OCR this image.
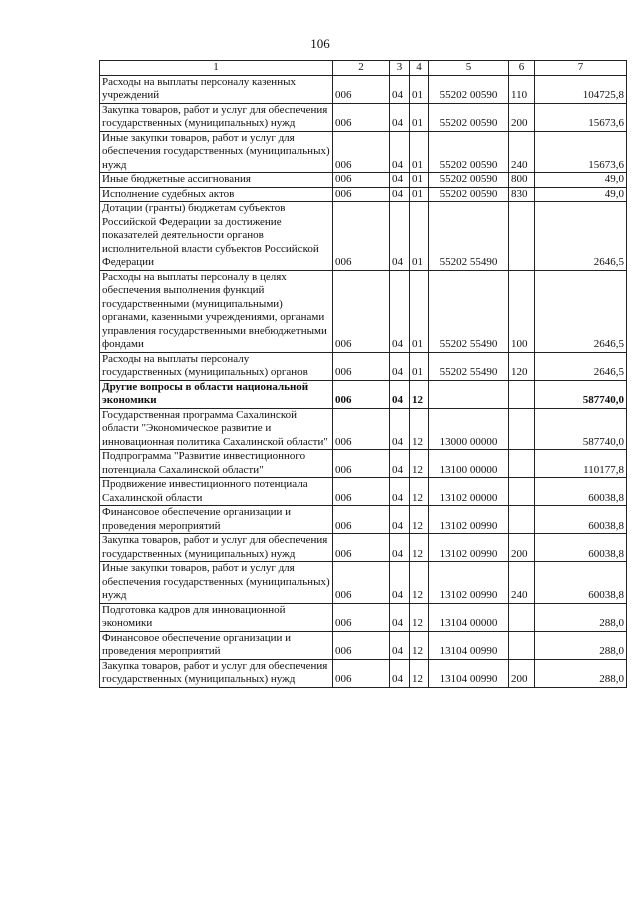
106
1	2	3	4	5	6	7
Расходы на выплаты персоналу казенных учреждений	006	04	01	55202 00590	110	104725,8
Закупка товаров, работ и услуг для обеспечения государственных (муниципальных) нужд	006	04	01	55202 00590	200	15673,6
Иные закупки товаров, работ и услуг для обеспечения государственных (муниципальных) нужд	006	04	01	55202 00590	240	15673,6
Иные бюджетные ассигнования	006	04	01	55202 00590	800	49,0
Исполнение судебных актов	006	04	01	55202 00590	830	49,0
Дотации (гранты) бюджетам субъектов Российской Федерации за достижение показателей деятельности органов исполнительной власти субъектов Российской Федерации	006	04	01	55202 55490		2646,5
Расходы на выплаты персоналу в целях обеспечения выполнения функций государственными (муниципальными) органами, казенными учреждениями, органами управления государственными внебюджетными фондами	006	04	01	55202 55490	100	2646,5
Расходы на выплаты персоналу государственных (муниципальных) органов	006	04	01	55202 55490	120	2646,5
Другие вопросы в области национальной экономики	006	04	12			587740,0
Государственная программа Сахалинской области "Экономическое развитие и инновационная политика Сахалинской области"	006	04	12	13000 00000		587740,0
Подпрограмма "Развитие инвестиционного потенциала Сахалинской области"	006	04	12	13100 00000		110177,8
Продвижение инвестиционного потенциала Сахалинской области	006	04	12	13102 00000		60038,8
Финансовое обеспечение организации и проведения мероприятий	006	04	12	13102 00990		60038,8
Закупка товаров, работ и услуг для обеспечения государственных (муниципальных) нужд	006	04	12	13102 00990	200	60038,8
Иные закупки товаров, работ и услуг для обеспечения государственных (муниципальных) нужд	006	04	12	13102 00990	240	60038,8
Подготовка кадров для инновационной экономики	006	04	12	13104 00000		288,0
Финансовое обеспечение организации и проведения мероприятий	006	04	12	13104 00990		288,0
Закупка товаров, работ и услуг для обеспечения государственных (муниципальных) нужд	006	04	12	13104 00990	200	288,0
